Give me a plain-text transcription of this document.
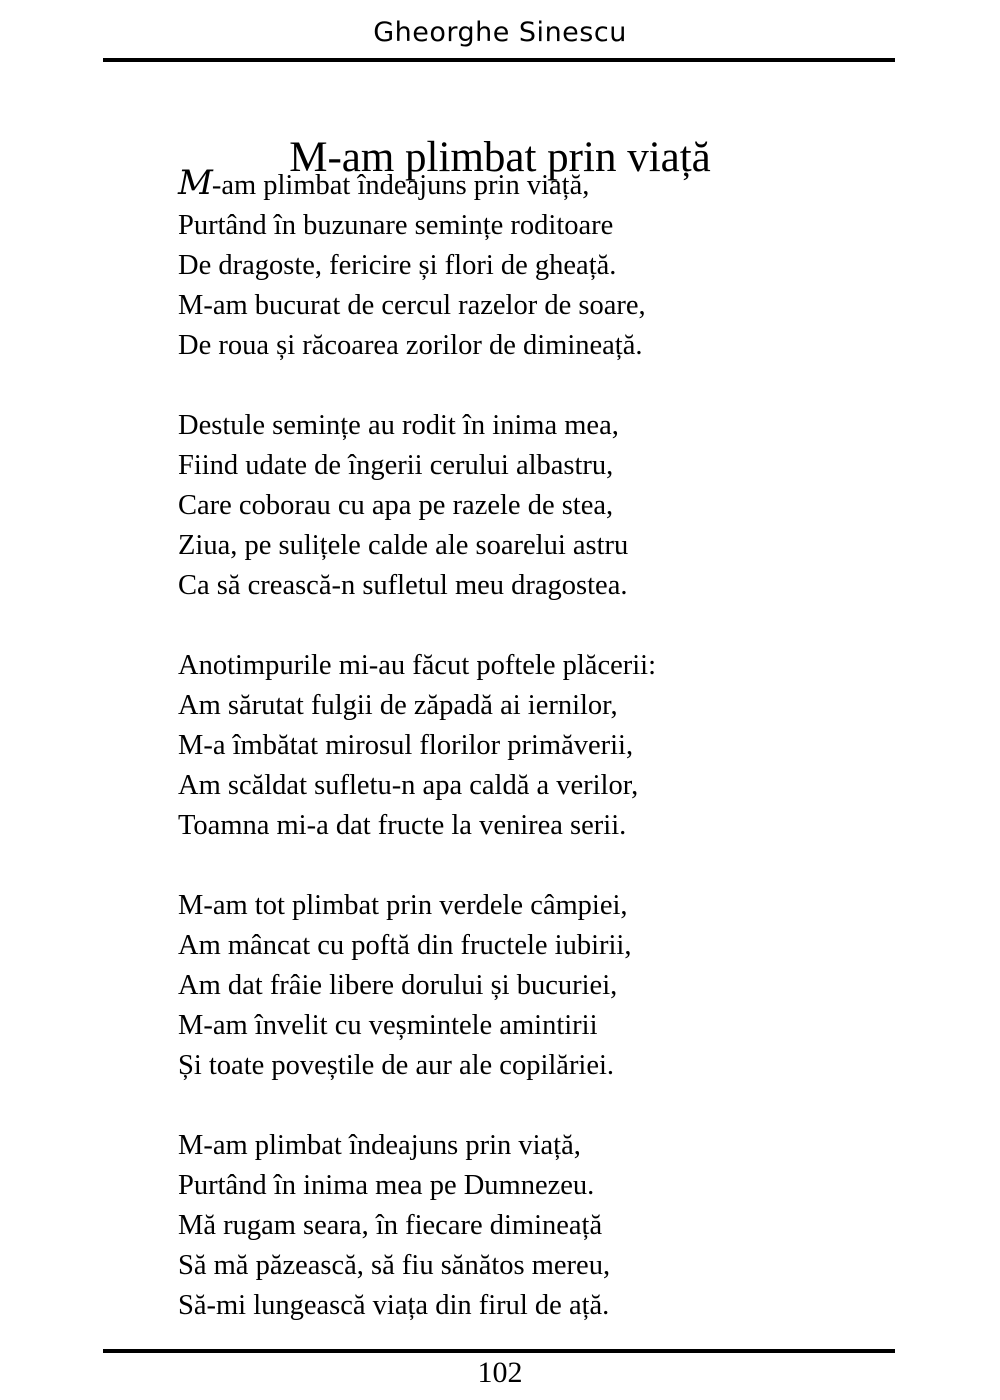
Gheorghe Sinescu
M-am plimbat prin viață
M-am plimbat îndeajuns prin viață,
Purtând în buzunare semințe roditoare
De dragoste, fericire și flori de gheață.
M-am bucurat de cercul razelor de soare,
De roua și răcoarea zorilor de dimineață.
Destule semințe au rodit în inima mea,
Fiind udate de îngerii cerului albastru,
Care coborau cu apa pe razele de stea,
Ziua, pe sulițele calde ale soarelui astru
Ca să crească-n sufletul meu dragostea.
Anotimpurile mi-au făcut poftele plăcerii:
Am sărutat fulgii de zăpadă ai iernilor,
M-a îmbătat mirosul florilor primăverii,
Am scăldat sufletu-n apa caldă a verilor,
Toamna mi-a dat fructe la venirea serii.
M-am tot plimbat prin verdele câmpiei,
Am mâncat cu poftă din fructele iubirii,
Am dat frâie libere dorului și bucuriei,
M-am învelit cu veșmintele amintirii
Și toate poveștile de aur ale copilăriei.
M-am plimbat îndeajuns prin viață,
Purtând în inima mea pe Dumnezeu.
Mă rugam seara, în fiecare dimineață
Să mă păzească, să fiu sănătos mereu,
Să-mi lungească viața din firul de ață.
102
